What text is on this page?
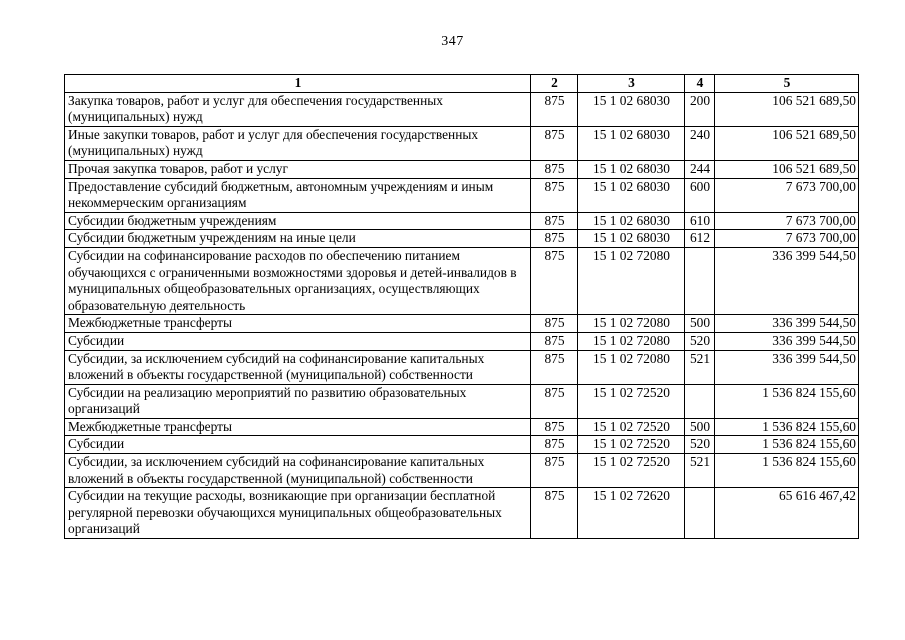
347
1	2	3	4	5
Закупка товаров, работ и услуг для обеспечения государственных (муниципальных) нужд	875	15 1 02 68030	200	106 521 689,50
Иные закупки товаров, работ и услуг для обеспечения государственных (муниципальных) нужд	875	15 1 02 68030	240	106 521 689,50
Прочая закупка товаров, работ и услуг	875	15 1 02 68030	244	106 521 689,50
Предоставление субсидий бюджетным, автономным учреждениям и иным некоммерческим организациям	875	15 1 02 68030	600	7 673 700,00
Субсидии бюджетным учреждениям	875	15 1 02 68030	610	7 673 700,00
Субсидии бюджетным учреждениям на иные цели	875	15 1 02 68030	612	7 673 700,00
Субсидии на софинансирование расходов по обеспечению питанием обучающихся с ограниченными возможностями здоровья и детей-инвалидов в муниципальных общеобразовательных организациях, осуществляющих образовательную деятельность	875	15 1 02 72080		336 399 544,50
Межбюджетные трансферты	875	15 1 02 72080	500	336 399 544,50
Субсидии	875	15 1 02 72080	520	336 399 544,50
Субсидии, за исключением субсидий на софинансирование капитальных вложений в объекты государственной (муниципальной) собственности	875	15 1 02 72080	521	336 399 544,50
Субсидии на реализацию мероприятий по развитию образовательных организаций	875	15 1 02 72520		1 536 824 155,60
Межбюджетные трансферты	875	15 1 02 72520	500	1 536 824 155,60
Субсидии	875	15 1 02 72520	520	1 536 824 155,60
Субсидии, за исключением субсидий на софинансирование капитальных вложений в объекты государственной (муниципальной) собственности	875	15 1 02 72520	521	1 536 824 155,60
Субсидии на текущие расходы, возникающие при организации бесплатной регулярной перевозки обучающихся муниципальных общеобразовательных организаций	875	15 1 02 72620		65 616 467,42
